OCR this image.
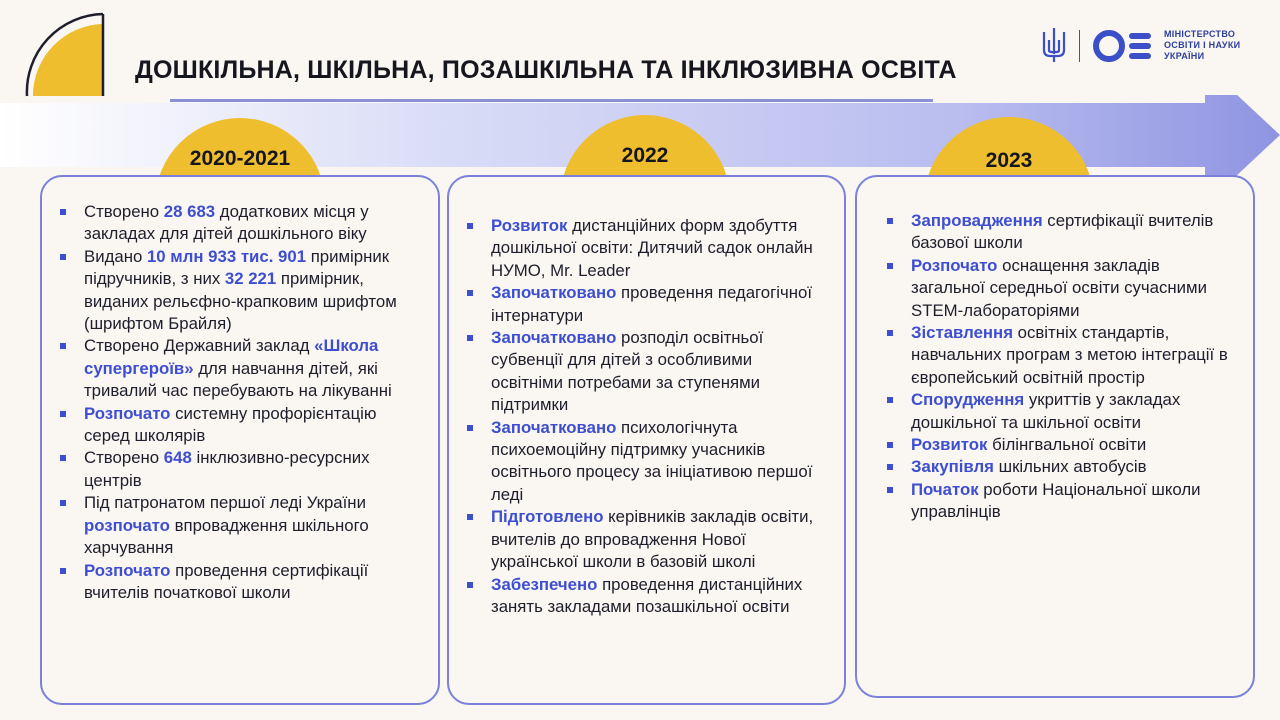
ДОШКІЛЬНА, ШКІЛЬНА, ПОЗАШКІЛЬНА ТА ІНКЛЮЗИВНА ОСВІТА
МІНІСТЕРСТВО
ОСВІТИ І НАУКИ
УКРАЇНИ
Створено 28 683 додаткових місця у закладах для дітей дошкільного віку
Видано 10 млн 933 тис. 901 примірник підручників, з них 32 221 примірник, виданих рельєфно-крапковим шрифтом (шрифтом Брайля)
Створено Державний заклад «Школа супергероїв» для навчання дітей, які тривалий час перебувають на лікуванні
Розпочато системну профорієнтацію серед школярів
Створено 648 інклюзивно-ресурсних центрів
Під патронатом першої леді України розпочато впровадження шкільного харчування
Розпочато проведення сертифікації вчителів початкової школи
Розвиток дистанційних форм здобуття дошкільної освіти: Дитячий садок онлайн НУМО, Mr. Leader
Започатковано проведення педагогічної інтернатури
Започатковано розподіл освітньої субвенції для дітей з особливими освітніми потребами за ступенями підтримки
Започатковано психологічнута психоемоційну підтримку учасників освітнього процесу за ініціативою першої леді
Підготовлено керівників закладів освіти, вчителів до впровадження Нової української школи в базовій школі
Забезпечено проведення дистанційних занять закладами позашкільної освіти
Запровадження сертифікації вчителів базової школи
Розпочато оснащення закладів загальної середньої освіти сучасними STEM-лабораторіями
Зіставлення освітніх стандартів, навчальних програм з метою інтеграції в європейський освітній простір
Спорудження укриттів у закладах дошкільної та шкільної освіти
Розвиток білінгвальної освіти
Закупівля шкільних автобусів
Початок роботи Національної школи управлінців
2020-2021	2022	2023
